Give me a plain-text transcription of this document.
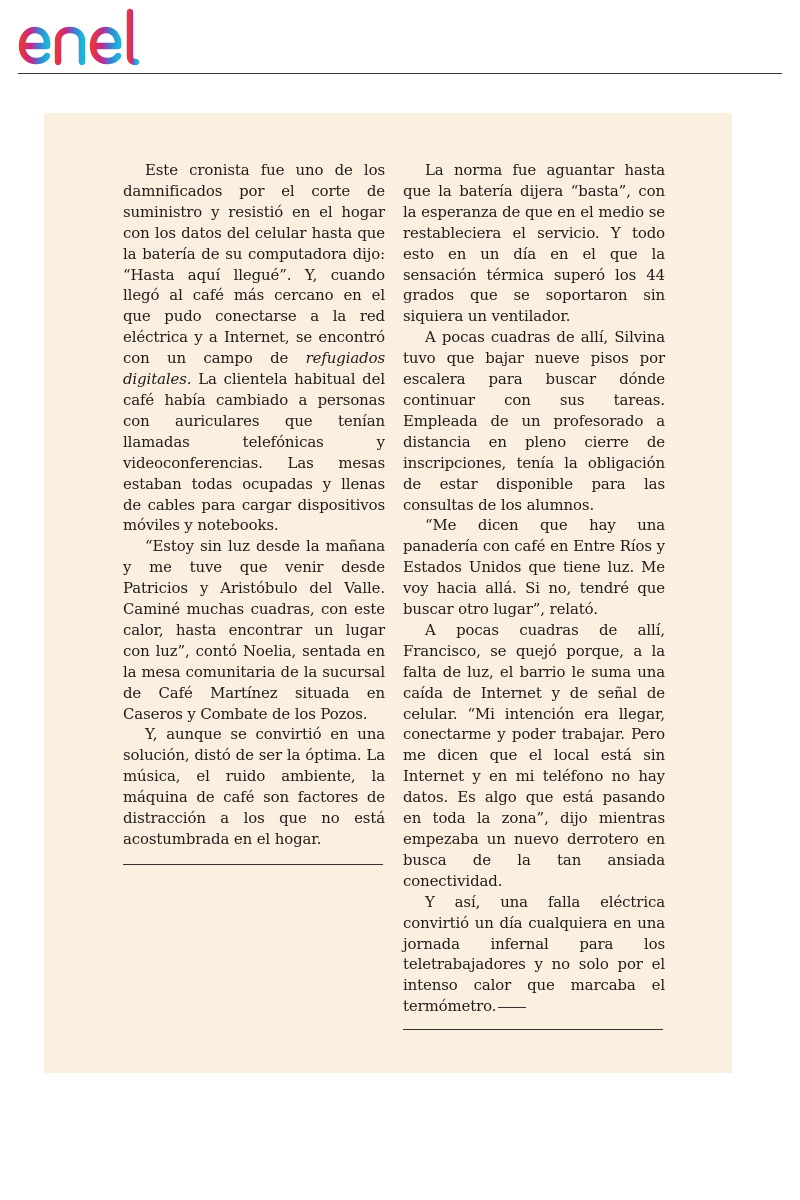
Este cronista fue uno de los damnificados por el corte de suministro y resistió en el hogar con los datos del celular hasta que la batería de su computadora dijo: “Hasta aquí llegué”. Y, cuando llegó al café más cercano en el que pudo conectarse a la red eléctrica y a Internet, se encontró con un campo de refugiados digitales. La clientela habitual del café había cambiado a personas con auriculares que tenían llamadas telefónicas y videoconferencias. Las mesas estaban todas ocupadas y llenas de cables para cargar dispositivos móviles y notebooks.

“Estoy sin luz desde la mañana y me tuve que venir desde Patricios y Aristóbulo del Valle. Caminé muchas cuadras, con este calor, hasta encontrar un lugar con luz”, contó Noelia, sentada en la mesa comunitaria de la sucursal de Café Martínez situada en Caseros y Combate de los Pozos.

Y, aunque se convirtió en una solución, distó de ser la óptima. La música, el ruido ambiente, la máquina de café son factores de distracción a los que no está acostumbrada en el hogar.

La norma fue aguantar hasta que la batería dijera “basta”, con la esperanza de que en el medio se restableciera el servicio. Y todo esto en un día en el que la sensación térmica superó los 44 grados que se soportaron sin siquiera un ventilador.

A pocas cuadras de allí, Silvina tuvo que bajar nueve pisos por escalera para buscar dónde continuar con sus tareas. Empleada de un profesorado a distancia en pleno cierre de inscripciones, tenía la obligación de estar disponible para las consultas de los alumnos.

“Me dicen que hay una panadería con café en Entre Ríos y Estados Unidos que tiene luz. Me voy hacia allá. Si no, tendré que buscar otro lugar”, relató.

A pocas cuadras de allí, Francisco, se quejó porque, a la falta de luz, el barrio le suma una caída de Internet y de señal de celular. “Mi intención era llegar, conectarme y poder trabajar. Pero me dicen que el local está sin Internet y en mi teléfono no hay datos. Es algo que está pasando en toda la zona”, dijo mientras empezaba un nuevo derrotero en busca de la tan ansiada conectividad.

Y así, una falla eléctrica convirtió un día cualquiera en una jornada infernal para los teletrabajadores y no solo por el intenso calor que marcaba el termómetro.
